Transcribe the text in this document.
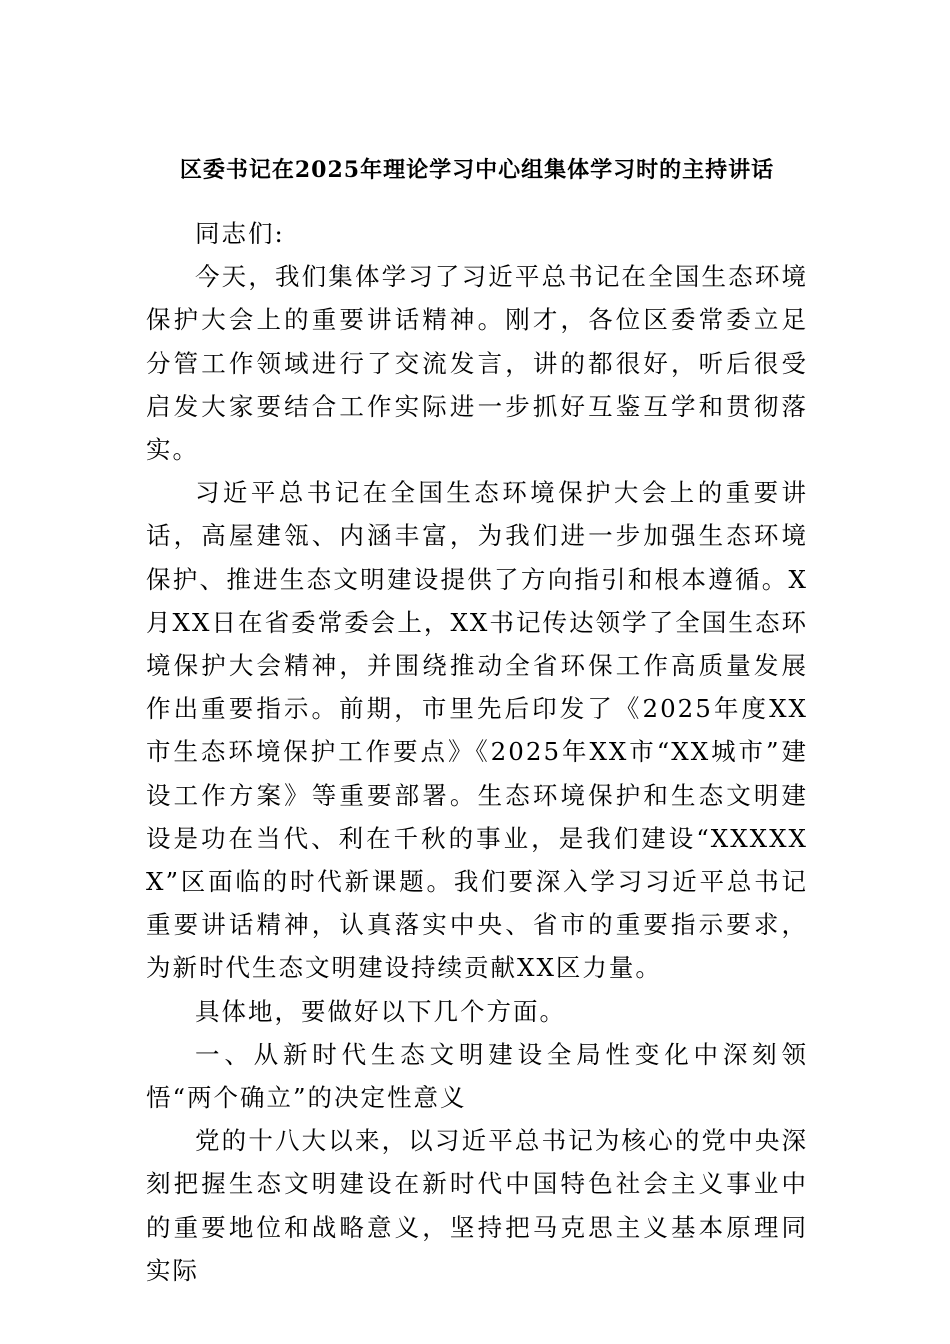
区委书记在2025年理论学习中心组集体学习时的主持讲话

同志们:

今天，我们集体学习了习近平总书记在全国生态环境保护大会上的重要讲话精神。刚才，各位区委常委立足分管工作领域进行了交流发言，讲的都很好，听后很受启发大家要结合工作实际进一步抓好互鉴互学和贯彻落实。

习近平总书记在全国生态环境保护大会上的重要讲话，高屋建瓴、内涵丰富，为我们进一步加强生态环境保护、推进生态文明建设提供了方向指引和根本遵循。X月XX日在省委常委会上，XX书记传达领学了全国生态环境保护大会精神，并围绕推动全省环保工作高质量发展作出重要指示。前期，市里先后印发了《2025年度XX市生态环境保护工作要点》《2025年XX市“XX城市”建设工作方案》等重要部署。生态环境保护和生态文明建设是功在当代、利在千秋的事业，是我们建设“XXXXXX”区面临的时代新课题。我们要深入学习习近平总书记重要讲话精神，认真落实中央、省市的重要指示要求，为新时代生态文明建设持续贡献XX区力量。

具体地，要做好以下几个方面。

一、从新时代生态文明建设全局性变化中深刻领悟“两个确立”的决定性意义

党的十八大以来，以习近平总书记为核心的党中央深刻把握生态文明建设在新时代中国特色社会主义事业中的重要地位和战略意义，坚持把马克思主义基本原理同实际
